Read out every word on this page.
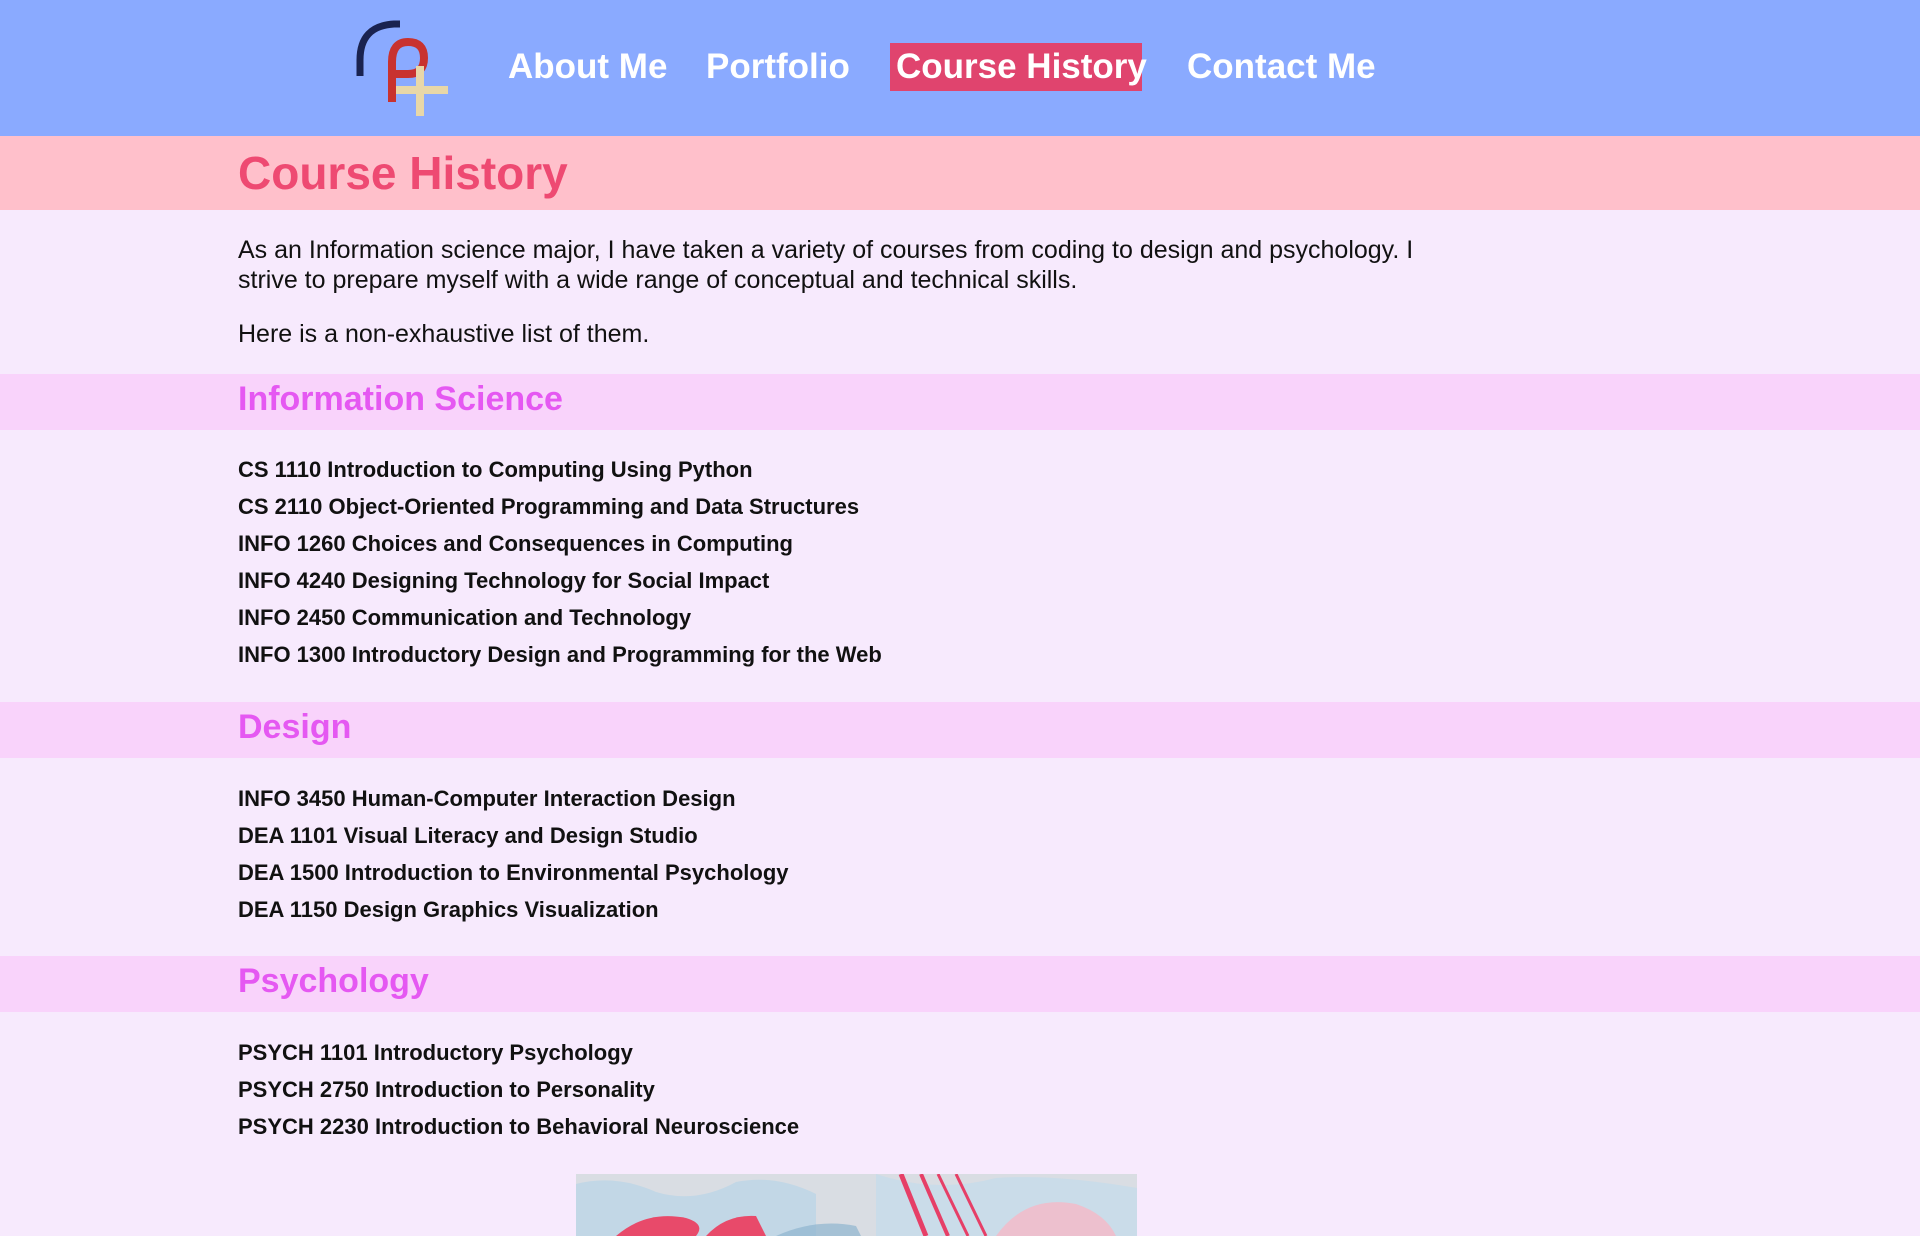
About Me Portfolio Course History Contact Me
Course History

As an Information science major, I have taken a variety of courses from coding to design and psychology. I strive to prepare myself with a wide range of conceptual and technical skills.

Here is a non-exhaustive list of them.

Information Science
CS 1110 Introduction to Computing Using Python
CS 2110 Object-Oriented Programming and Data Structures
INFO 1260 Choices and Consequences in Computing
INFO 4240 Designing Technology for Social Impact
INFO 2450 Communication and Technology
INFO 1300 Introductory Design and Programming for the Web
Design
INFO 3450 Human-Computer Interaction Design
DEA 1101 Visual Literacy and Design Studio
DEA 1500 Introduction to Environmental Psychology
DEA 1150 Design Graphics Visualization
Psychology
PSYCH 1101 Introductory Psychology
PSYCH 2750 Introduction to Personality
PSYCH 2230 Introduction to Behavioral Neuroscience
